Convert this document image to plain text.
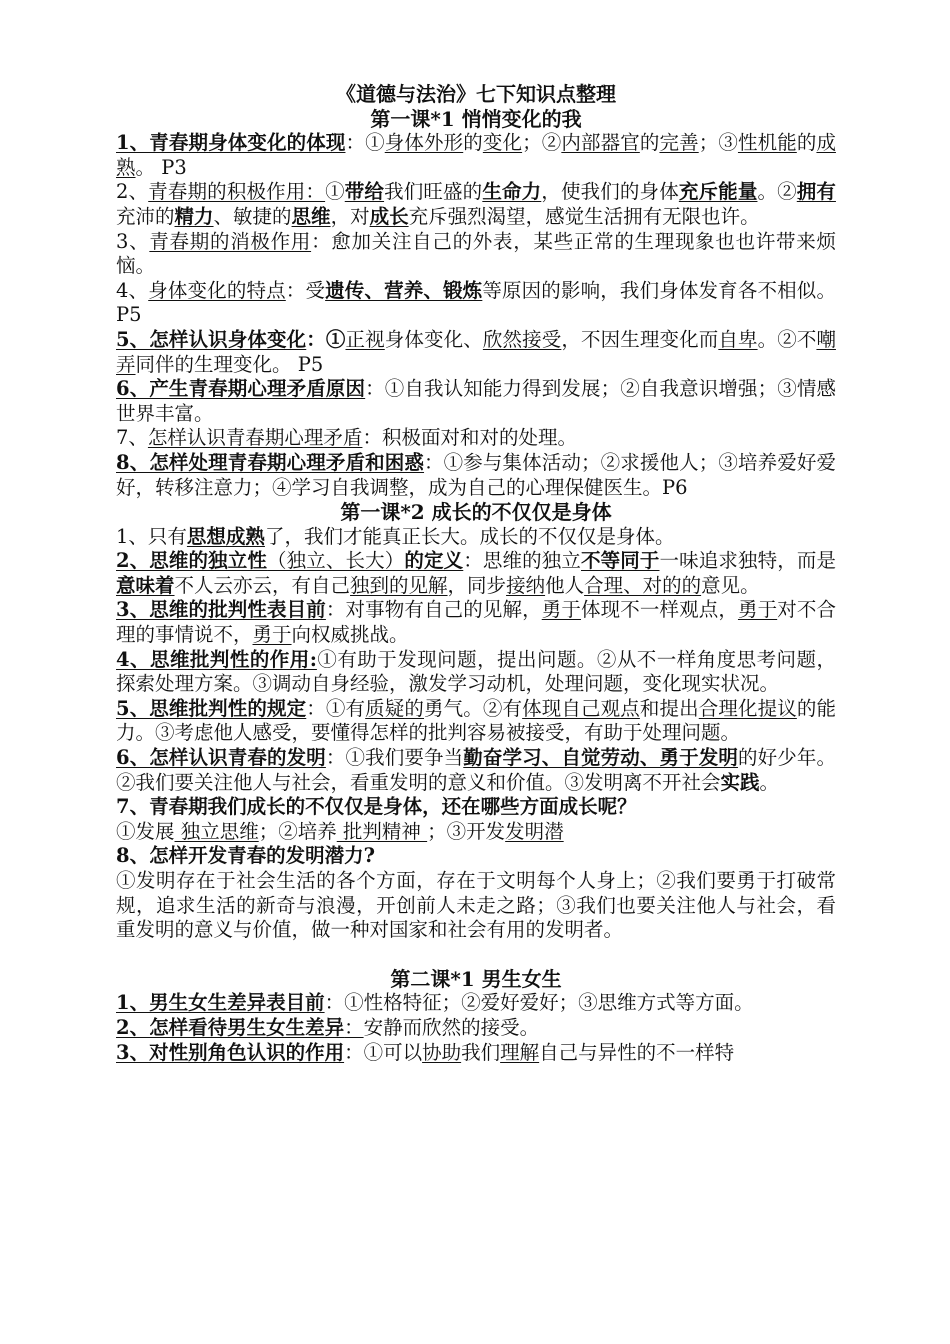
《道德与法治》七下知识点整理
第一课*1 悄悄变化的我

1、青春期身体变化的体现：①身体外形的变化；②内部器官的完善；③性机能的成熟。 P3

2、青春期的积极作用：①带给我们旺盛的生命力，使我们的身体充斥能量。②拥有充沛的精力、敏捷的思维，对成长充斥强烈渴望，感觉生活拥有无限也许。

3、青春期的消极作用：愈加关注自己的外表，某些正常的生理现象也也许带来烦恼。

4、身体变化的特点：受遗传、营养、锻炼等原因的影响，我们身体发育各不相似。P5

5、怎样认识身体变化：①正视身体变化、欣然接受，不因生理变化而自卑。②不嘲弄同伴的生理变化。 P5

6、产生青春期心理矛盾原因：①自我认知能力得到发展；②自我意识增强；③情感世界丰富。

7、怎样认识青春期心理矛盾：积极面对和对的处理。

8、怎样处理青春期心理矛盾和困惑：①参与集体活动；②求援他人；③培养爱好爱好，转移注意力；④学习自我调整，成为自己的心理保健医生。P6

第一课*2 成长的不仅仅是身体

1、只有思想成熟了，我们才能真正长大。成长的不仅仅是身体。

2、思维的独立性（独立、长大）的定义：思维的独立不等同于一味追求独特，而是意味着不人云亦云，有自己独到的见解，同步接纳他人合理、对的的意见。

3、思维的批判性表目前：对事物有自己的见解，勇于体现不一样观点，勇于对不合理的事情说不，勇于向权威挑战。

4、思维批判性的作用:①有助于发现问题，提出问题。②从不一样角度思考问题，探索处理方案。③调动自身经验，激发学习动机，处理问题，变化现实状况。

5、思维批判性的规定：①有质疑的勇气。②有体现自己观点和提出合理化提议的能力。③考虑他人感受，要懂得怎样的批判容易被接受，有助于处理问题。

6、怎样认识青春的发明：①我们要争当勤奋学习、自觉劳动、勇于发明的好少年。②我们要关注他人与社会，看重发明的意义和价值。③发明离不开社会实践。

7、青春期我们成长的不仅仅是身体，还在哪些方面成长呢？

①发展 独立思维；②培养 批判精神 ；③开发发明潜

8、怎样开发青春的发明潜力?

①发明存在于社会生活的各个方面，存在于文明每个人身上；②我们要勇于打破常规，追求生活的新奇与浪漫，开创前人未走之路；③我们也要关注他人与社会，看重发明的意义与价值，做一种对国家和社会有用的发明者。

第二课*1 男生女生

1、男生女生差异表目前：①性格特征；②爱好爱好；③思维方式等方面。

2、怎样看待男生女生差异：安静而欣然的接受。

3、对性别角色认识的作用：①可以协助我们理解自己与异性的不一样特
